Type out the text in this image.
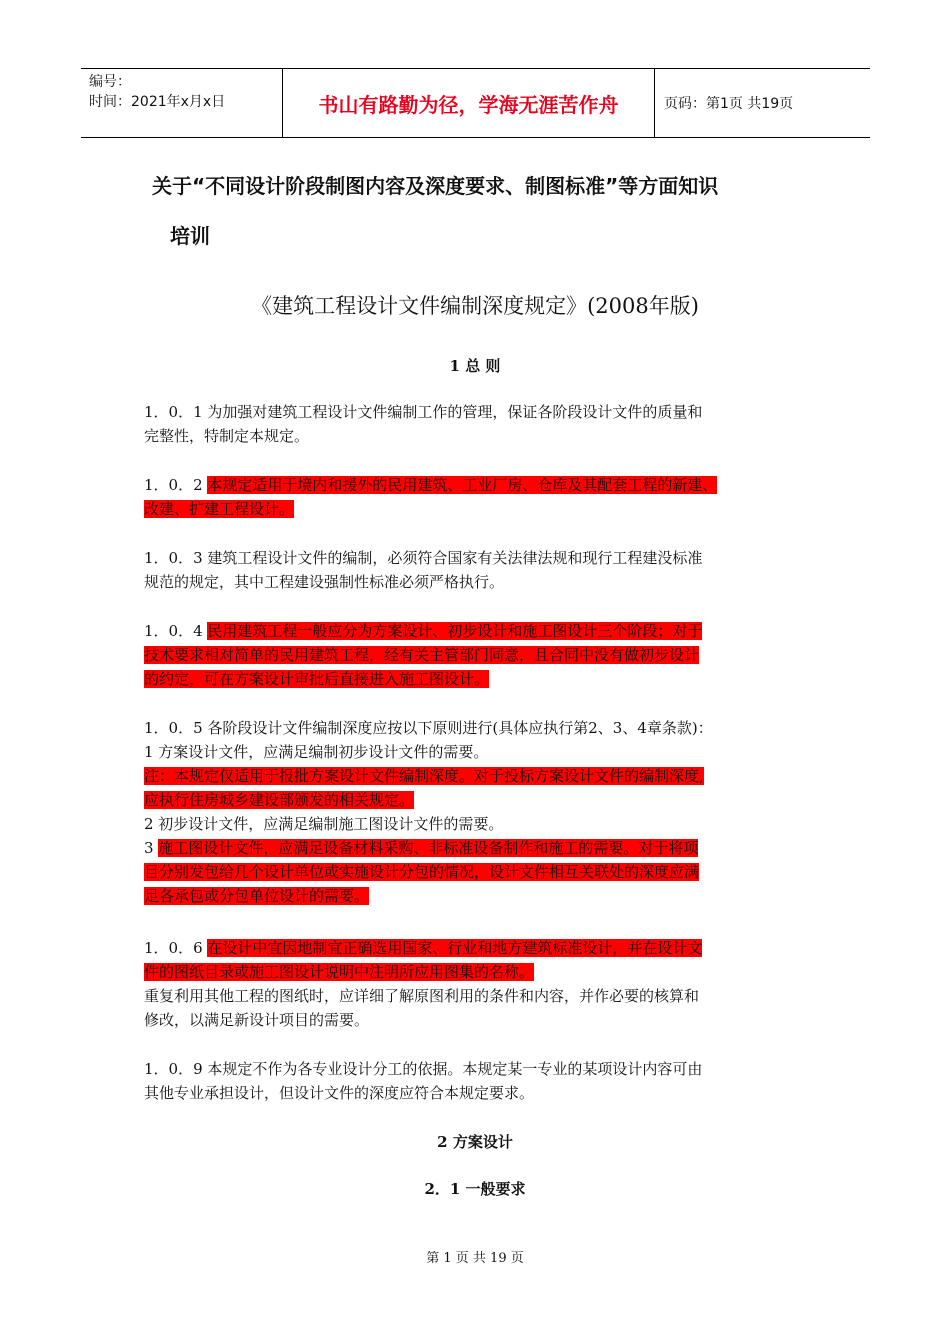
编号：
时间：2021年x月x日	书山有路勤为径，学海无涯苦作舟	页码：第1页 共19页
关于“不同设计阶段制图内容及深度要求、制图标准”等方面知识
培训
《建筑工程设计文件编制深度规定》(2008年版)
1 总 则
1．0．1 为加强对建筑工程设计文件编制工作的管理，保证各阶段设计文件的质量和
完整性，特制定本规定。
1．0．2 本规定适用于境内和援外的民用建筑、工业厂房、仓库及其配套工程的新建、
改建、扩建工程设计。
1．0．3 建筑工程设计文件的编制，必须符合国家有关法律法规和现行工程建没标准
规范的规定，其中工程建设强制性标准必须严格执行。
1．0．4 民用建筑工程一般应分为方案设计、初步设计和施工图设计三个阶段；对于
技术要求相对简单的民用建筑工程，经有关主管部门同意，且合同中没有做初步设计
的约定，可在方案设计审批后直接进入施工图设计。
1．0．5 各阶段设计文件编制深度应按以下原则进行(具体应执行第2、3、4章条款)：
1 方案设计文件，应满足编制初步设计文件的需要。
注：本规定仅适用于报批方案设计文件编制深度。对于投标方案设计文件的编制深度,
应执行住房城乡建设部颁发的相关规定。
2 初步设计文件，应满足编制施工图设计文件的需要。
3 施工图设计文件，应满足设备材料采购、非标准设备制作和施工的需要。对于将项
目分别发包给几个设计单位或实施设计分包的情况，设计文件相互关联处的深度应满
足各承包或分包单位设计的需要。
1．0．6 在设计中宜因地制宜正确选用国家、行业和地方建筑标准设计，并在设计文
件的图纸目录或施工图设计说明中注明所应用图集的名称。
重复利用其他工程的图纸时，应详细了解原图利用的条件和内容，并作必要的核算和
修改，以满足新设计项目的需要。
1．0．9 本规定不作为各专业设计分工的依据。本规定某一专业的某项设计内容可由
其他专业承担设计，但设计文件的深度应符合本规定要求。
2 方案设计
2．1 一般要求
第 1 页 共 19 页
